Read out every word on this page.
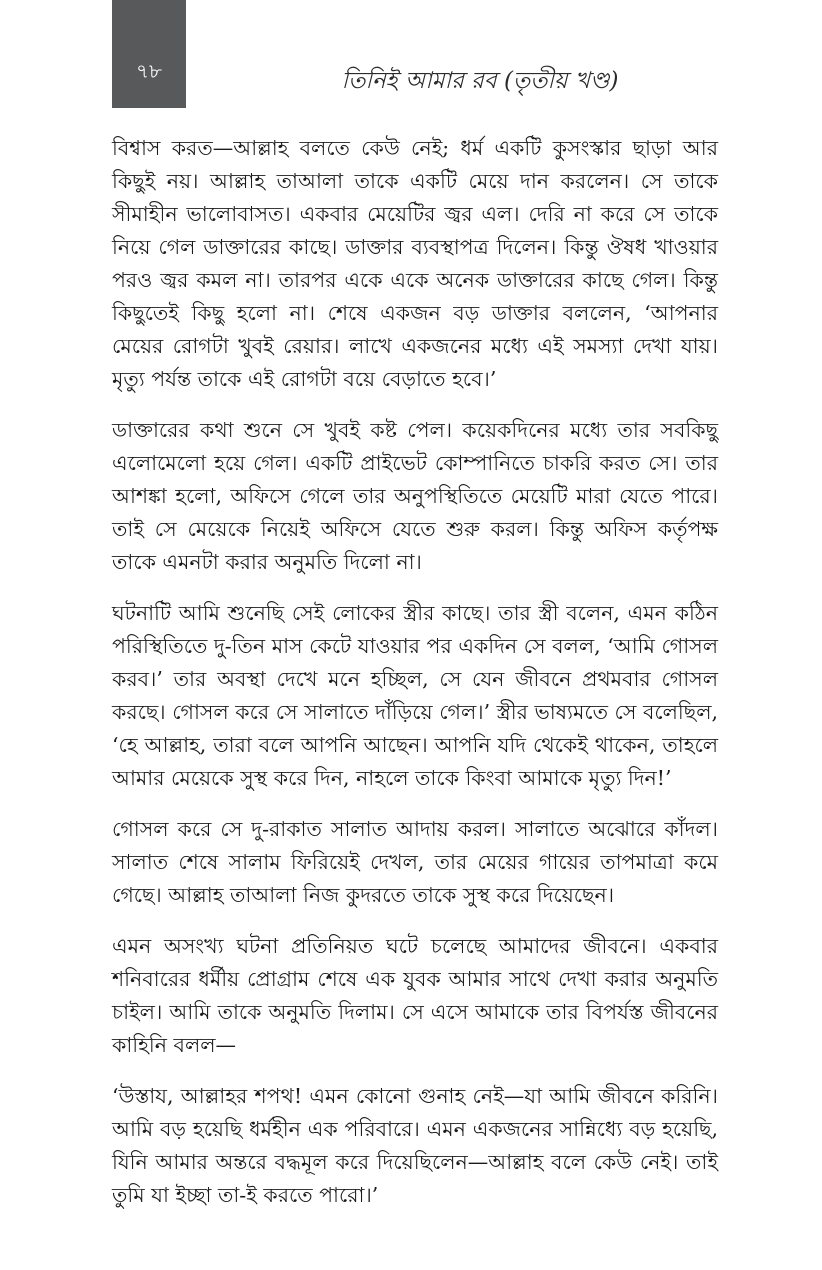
৭৮	তিনিই আমার রব (তৃতীয় খণ্ড)

বিশ্বাস করত—আল্লাহ বলতে কেউ নেই; ধর্ম একটি কুসংস্কার ছাড়া আর কিছুই নয়। আল্লাহ তাআলা তাকে একটি মেয়ে দান করলেন। সে তাকে সীমাহীন ভালোবাসত। একবার মেয়েটির জ্বর এল। দেরি না করে সে তাকে নিয়ে গেল ডাক্তারের কাছে। ডাক্তার ব্যবস্থাপত্র দিলেন। কিন্তু ঔষধ খাওয়ার পরও জ্বর কমল না। তারপর একে একে অনেক ডাক্তারের কাছে গেল। কিন্তু কিছুতেই কিছু হলো না। শেষে একজন বড় ডাক্তার বললেন, ‘আপনার মেয়ের রোগটা খুবই রেয়ার। লাখে একজনের মধ্যে এই সমস্যা দেখা যায়। মৃত্যু পর্যন্ত তাকে এই রোগটা বয়ে বেড়াতে হবে।’

ডাক্তারের কথা শুনে সে খুবই কষ্ট পেল। কয়েকদিনের মধ্যে তার সবকিছু এলোমেলো হয়ে গেল। একটি প্রাইভেট কোম্পানিতে চাকরি করত সে। তার আশঙ্কা হলো, অফিসে গেলে তার অনুপস্থিতিতে মেয়েটি মারা যেতে পারে। তাই সে মেয়েকে নিয়েই অফিসে যেতে শুরু করল। কিন্তু অফিস কর্তৃপক্ষ তাকে এমনটা করার অনুমতি দিলো না।

ঘটনাটি আমি শুনেছি সেই লোকের স্ত্রীর কাছে। তার স্ত্রী বলেন, এমন কঠিন পরিস্থিতিতে দু-তিন মাস কেটে যাওয়ার পর একদিন সে বলল, ‘আমি গোসল করব।’ তার অবস্থা দেখে মনে হচ্ছিল, সে যেন জীবনে প্রথমবার গোসল করছে। গোসল করে সে সালাতে দাঁড়িয়ে গেল।’ স্ত্রীর ভাষ্যমতে সে বলেছিল, ‘হে আল্লাহ, তারা বলে আপনি আছেন। আপনি যদি থেকেই থাকেন, তাহলে আমার মেয়েকে সুস্থ করে দিন, নাহলে তাকে কিংবা আমাকে মৃত্যু দিন!’

গোসল করে সে দু-রাকাত সালাত আদায় করল। সালাতে অঝোরে কাঁদল। সালাত শেষে সালাম ফিরিয়েই দেখল, তার মেয়ের গায়ের তাপমাত্রা কমে গেছে। আল্লাহ তাআলা নিজ কুদরতে তাকে সুস্থ করে দিয়েছেন।

এমন অসংখ্য ঘটনা প্রতিনিয়ত ঘটে চলেছে আমাদের জীবনে। একবার শনিবারের ধর্মীয় প্রোগ্রাম শেষে এক যুবক আমার সাথে দেখা করার অনুমতি চাইল। আমি তাকে অনুমতি দিলাম। সে এসে আমাকে তার বিপর্যস্ত জীবনের কাহিনি বলল—

‘উস্তায, আল্লাহর শপথ! এমন কোনো গুনাহ নেই—যা আমি জীবনে করিনি। আমি বড় হয়েছি ধর্মহীন এক পরিবারে। এমন একজনের সান্নিধ্যে বড় হয়েছি, যিনি আমার অন্তরে বদ্ধমূল করে দিয়েছিলেন—আল্লাহ বলে কেউ নেই। তাই তুমি যা ইচ্ছা তা-ই করতে পারো।’
